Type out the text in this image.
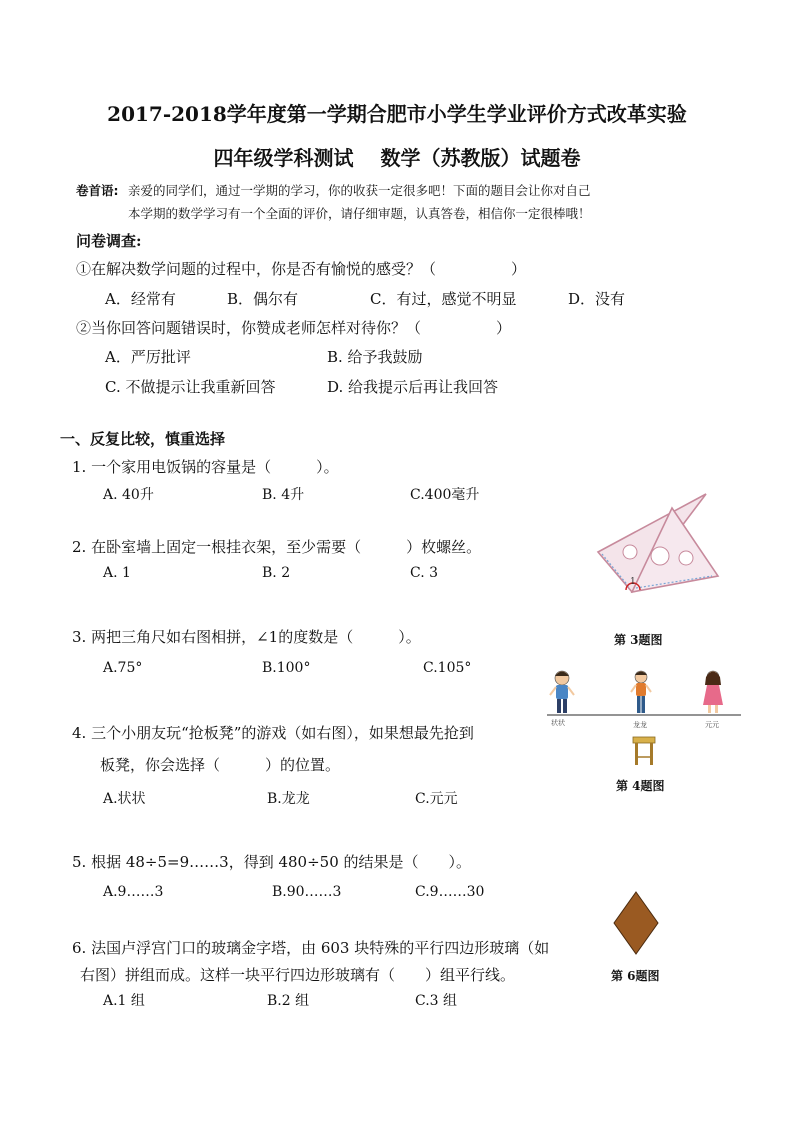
2017-2018学年度第一学期合肥市小学生学业评价方式改革实验
四年级学科测试　 数学（苏教版）试题卷
卷首语: 亲爱的同学们，通过一学期的学习，你的收获一定很多吧！下面的题目会让你对自己
本学期的数学学习有一个全面的评价，请仔细审题，认真答卷，相信你一定很棒哦！
问卷调查:
①在解决数学问题的过程中，你是否有愉悦的感受？（　　　　　）
A．经常有	B．偶尔有	C．有过，感觉不明显	D．没有
②当你回答问题错误时，你赞成老师怎样对待你？（　　　　　）
A．严厉批评	B. 给予我鼓励
C. 不做提示让我重新回答	D. 给我提示后再让我回答
一、反复比较，慎重选择
1. 一个家用电饭锅的容量是（　　　）。
A. 40升	B. 4升	C.400毫升
2. 在卧室墙上固定一根挂衣架，至少需要（　　　）枚螺丝。
A. 1	B. 2	C. 3
3. 两把三角尺如右图相拼，∠1的度数是（　　　）。
A.75°	B.100°	C.105°
4. 三个小朋友玩“抢板凳”的游戏（如右图），如果想最先抢到
板凳，你会选择（　　　）的位置。
A.状状	B.龙龙	C.元元
5. 根据 48÷5=9……3，得到 480÷50 的结果是（　　）。
A.9……3	B.90……3	C.9……30
6. 法国卢浮宫门口的玻璃金字塔，由 603 块特殊的平行四边形玻璃（如
右图）拼组而成。这样一块平行四边形玻璃有（　　）组平行线。
A.1 组	B.2 组	C.3 组
1
第 3题图
状状	龙龙	元元
第 4题图
第 6题图
